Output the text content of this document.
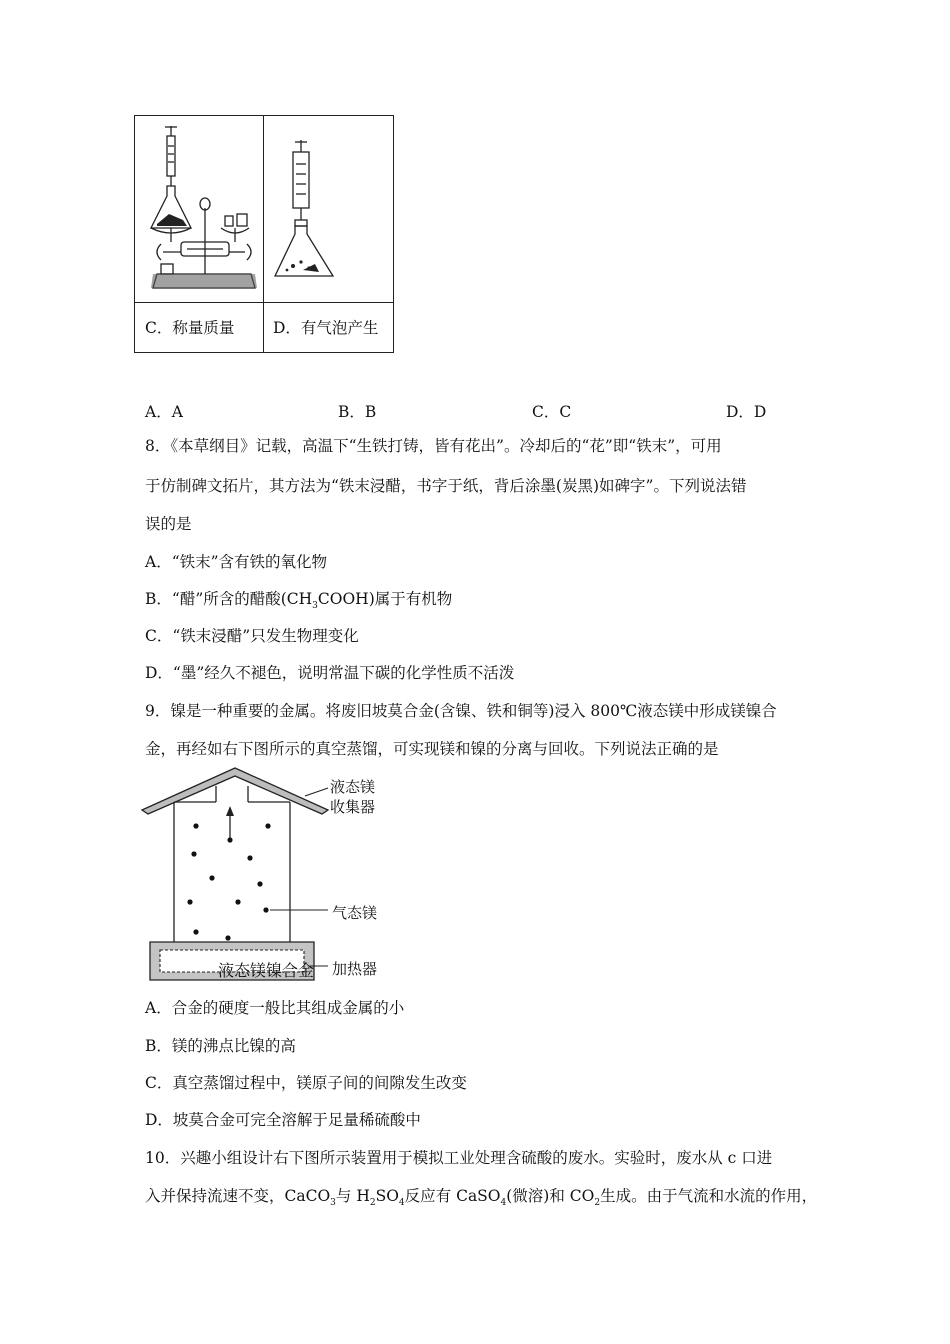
C．称量质量 D．有气泡产生
A．A	B．B	C．C	D．D
8．《本草纲目》记载，高温下“生铁打铸，皆有花出”。冷却后的“花”即“铁末”，可用
于仿制碑文拓片，其方法为“铁末浸醋，书字于纸，背后涂墨(炭黑)如碑字”。下列说法错
误的是
A．“铁末”含有铁的氧化物
B．“醋”所含的醋酸$(CH_3COOH)$属于有机物
C．“铁末浸醋”只发生物理变化
D．“墨”经久不褪色，说明常温下碳的化学性质不活泼
9．镍是一种重要的金属。将废旧坡莫合金(含镍、铁和铜等)浸入 800℃液态镁中形成镁镍合
金，再经如右下图所示的真空蒸馏，可实现镁和镍的分离与回收。下列说法正确的是
液态镁镍合金
液态镁
收集器
气态镁
加热器
A．合金的硬度一般比其组成金属的小
B．镁的沸点比镍的高
C．真空蒸馏过程中，镁原子间的间隙发生改变
D．坡莫合金可完全溶解于足量稀硫酸中
10．兴趣小组设计右下图所示装置用于模拟工业处理含硫酸的废水。实验时，废水从 c 口进
入并保持流速不变，CaCO$_3$与 $H_2SO_4$反应有 CaSO$_4$(微溶)和 $CO_2$生成。由于气流和水流的作用，
